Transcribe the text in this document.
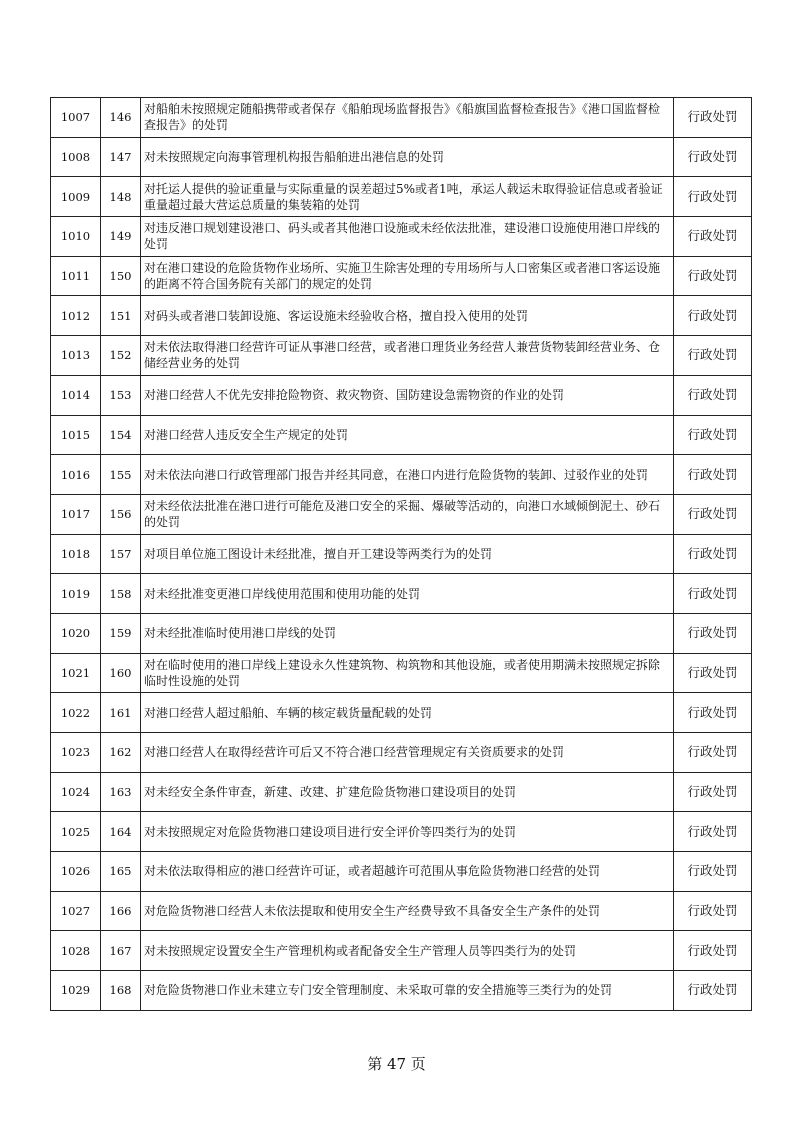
1007	146	对船舶未按照规定随船携带或者保存《船舶现场监督报告》《船旗国监督检查报告》《港口国监督检查报告》的处罚	行政处罚
1008	147	对未按照规定向海事管理机构报告船舶进出港信息的处罚	行政处罚
1009	148	对托运人提供的验证重量与实际重量的误差超过5%或者1吨，承运人载运未取得验证信息或者验证重量超过最大营运总质量的集装箱的处罚	行政处罚
1010	149	对违反港口规划建设港口、码头或者其他港口设施或未经依法批准，建设港口设施使用港口岸线的处罚	行政处罚
1011	150	对在港口建设的危险货物作业场所、实施卫生除害处理的专用场所与人口密集区或者港口客运设施的距离不符合国务院有关部门的规定的处罚	行政处罚
1012	151	对码头或者港口装卸设施、客运设施未经验收合格，擅自投入使用的处罚	行政处罚
1013	152	对未依法取得港口经营许可证从事港口经营，或者港口理货业务经营人兼营货物装卸经营业务、仓储经营业务的处罚	行政处罚
1014	153	对港口经营人不优先安排抢险物资、救灾物资、国防建设急需物资的作业的处罚	行政处罚
1015	154	对港口经营人违反安全生产规定的处罚	行政处罚
1016	155	对未依法向港口行政管理部门报告并经其同意，在港口内进行危险货物的装卸、过驳作业的处罚	行政处罚
1017	156	对未经依法批准在港口进行可能危及港口安全的采掘、爆破等活动的，向港口水域倾倒泥土、砂石的处罚	行政处罚
1018	157	对项目单位施工图设计未经批准，擅自开工建设等两类行为的处罚	行政处罚
1019	158	对未经批准变更港口岸线使用范围和使用功能的处罚	行政处罚
1020	159	对未经批准临时使用港口岸线的处罚	行政处罚
1021	160	对在临时使用的港口岸线上建设永久性建筑物、构筑物和其他设施，或者使用期满未按照规定拆除临时性设施的处罚	行政处罚
1022	161	对港口经营人超过船舶、车辆的核定载货量配载的处罚	行政处罚
1023	162	对港口经营人在取得经营许可后又不符合港口经营管理规定有关资质要求的处罚	行政处罚
1024	163	对未经安全条件审查，新建、改建、扩建危险货物港口建设项目的处罚	行政处罚
1025	164	对未按照规定对危险货物港口建设项目进行安全评价等四类行为的处罚	行政处罚
1026	165	对未依法取得相应的港口经营许可证，或者超越许可范围从事危险货物港口经营的处罚	行政处罚
1027	166	对危险货物港口经营人未依法提取和使用安全生产经费导致不具备安全生产条件的处罚	行政处罚
1028	167	对未按照规定设置安全生产管理机构或者配备安全生产管理人员等四类行为的处罚	行政处罚
1029	168	对危险货物港口作业未建立专门安全管理制度、未采取可靠的安全措施等三类行为的处罚	行政处罚
第 47 页
